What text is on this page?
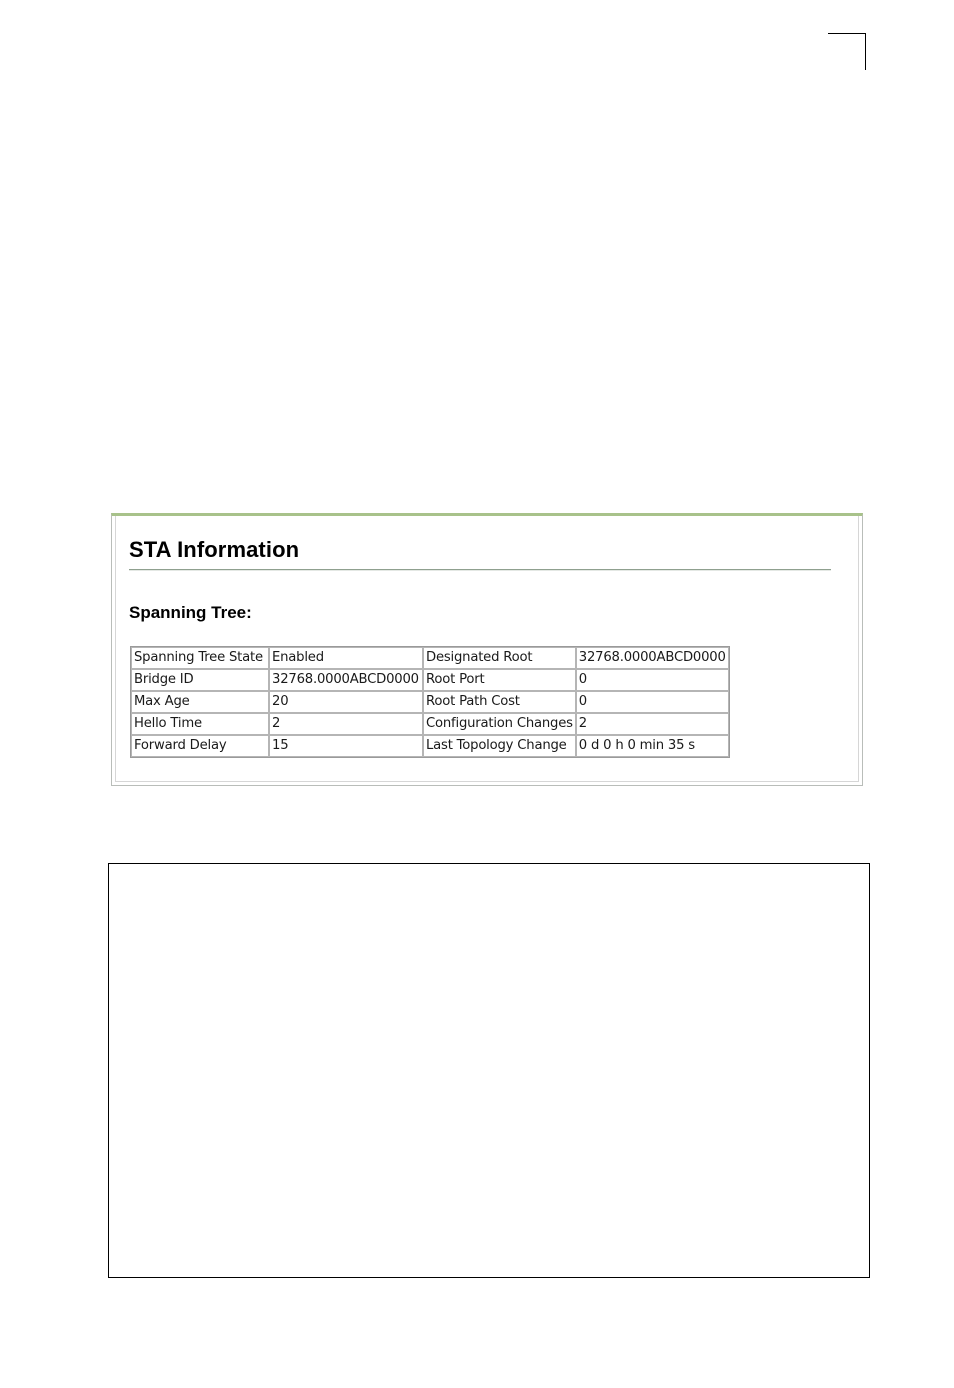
STA Information
Spanning Tree:
Spanning Tree State	Enabled	Designated Root	32768.0000ABCD0000
Bridge ID	32768.0000ABCD0000	Root Port	0
Max Age	20	Root Path Cost	0
Hello Time	2	Configuration Changes	2
Forward Delay	15	Last Topology Change	0 d 0 h 0 min 35 s
